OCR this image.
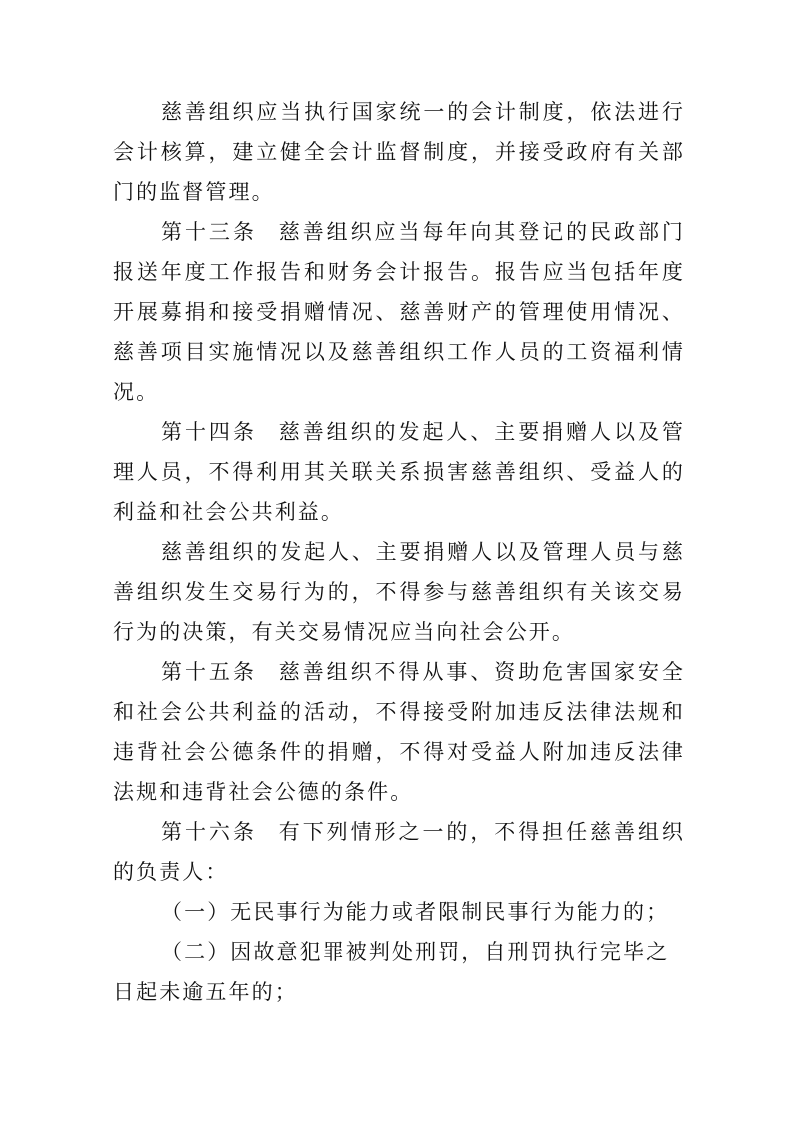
慈善组织应当执行国家统一的会计制度，依法进行会计核算，建立健全会计监督制度，并接受政府有关部门的监督管理。

第十三条 慈善组织应当每年向其登记的民政部门报送年度工作报告和财务会计报告。报告应当包括年度开展募捐和接受捐赠情况、慈善财产的管理使用情况、慈善项目实施情况以及慈善组织工作人员的工资福利情况。

第十四条 慈善组织的发起人、主要捐赠人以及管理人员，不得利用其关联关系损害慈善组织、受益人的利益和社会公共利益。

慈善组织的发起人、主要捐赠人以及管理人员与慈善组织发生交易行为的，不得参与慈善组织有关该交易行为的决策，有关交易情况应当向社会公开。

第十五条 慈善组织不得从事、资助危害国家安全和社会公共利益的活动，不得接受附加违反法律法规和违背社会公德条件的捐赠，不得对受益人附加违反法律法规和违背社会公德的条件。

第十六条 有下列情形之一的，不得担任慈善组织的负责人：

（一）无民事行为能力或者限制民事行为能力的；

（二）因故意犯罪被判处刑罚，自刑罚执行完毕之日起未逾五年的；
